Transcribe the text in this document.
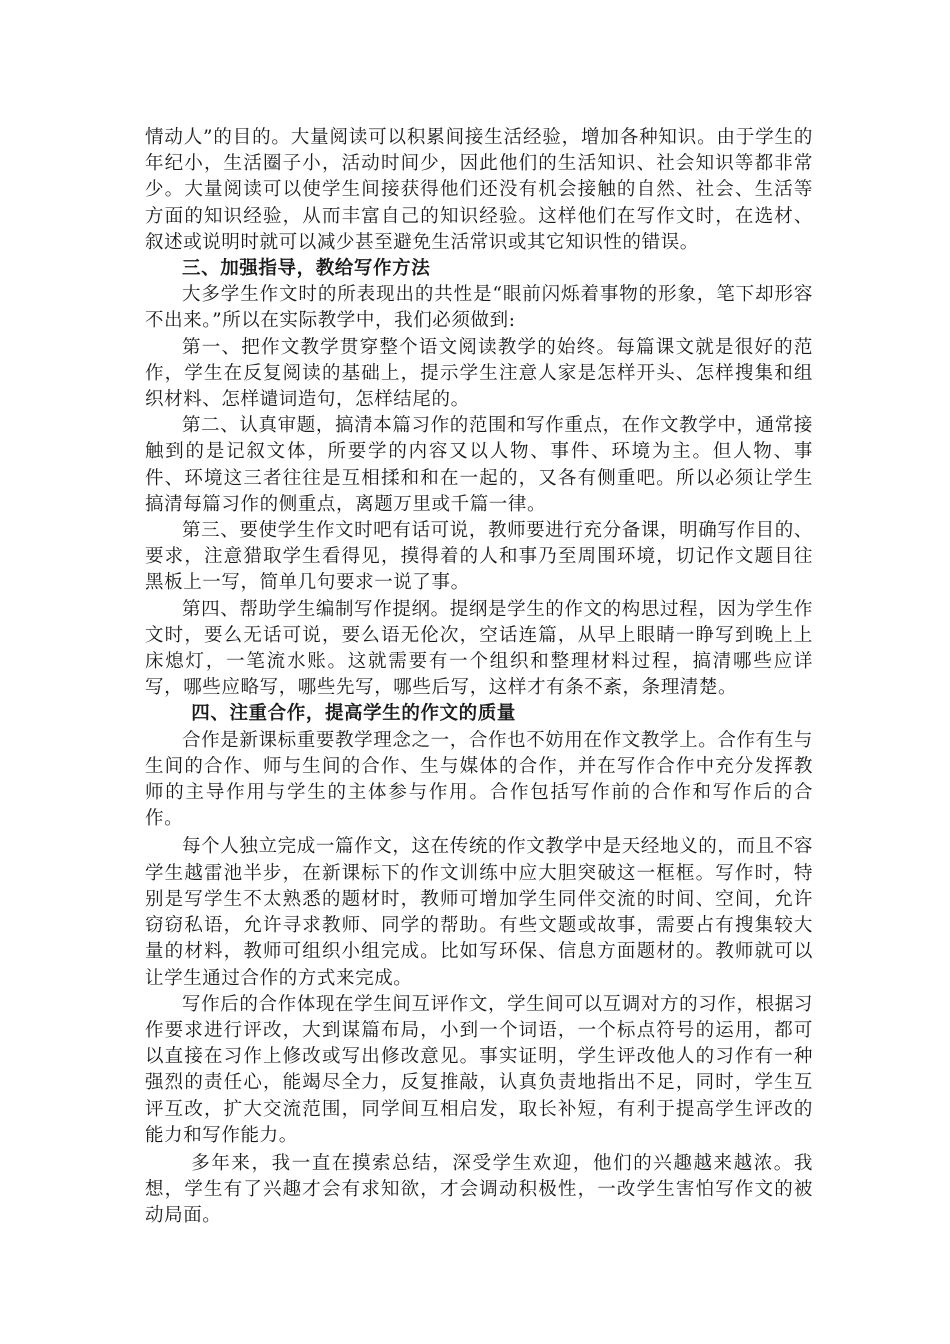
情动人”的目的。大量阅读可以积累间接生活经验，增加各种知识。由于学生的年纪小，生活圈子小，活动时间少，因此他们的生活知识、社会知识等都非常少。大量阅读可以使学生间接获得他们还没有机会接触的自然、社会、生活等方面的知识经验，从而丰富自己的知识经验。这样他们在写作文时，在选材、叙述或说明时就可以减少甚至避免生活常识或其它知识性的错误。

三、加强指导，教给写作方法

大多学生作文时的所表现出的共性是“眼前闪烁着事物的形象，笔下却形容不出来。”所以在实际教学中，我们必须做到:

第一、把作文教学贯穿整个语文阅读教学的始终。每篇课文就是很好的范作，学生在反复阅读的基础上，提示学生注意人家是怎样开头、怎样搜集和组织材料、怎样谴词造句，怎样结尾的。

第二、认真审题，搞清本篇习作的范围和写作重点，在作文教学中，通常接触到的是记叙文体，所要学的内容又以人物、事件、环境为主。但人物、事件、环境这三者往往是互相揉和和在一起的，又各有侧重吧。所以必须让学生搞清每篇习作的侧重点，离题万里或千篇一律。

第三、要使学生作文时吧有话可说，教师要进行充分备课，明确写作目的、要求，注意猎取学生看得见，摸得着的人和事乃至周围环境，切记作文题目往黑板上一写，简单几句要求一说了事。

第四、帮助学生编制写作提纲。提纲是学生的作文的构思过程，因为学生作文时，要么无话可说，要么语无伦次，空话连篇，从早上眼睛一睁写到晚上上床熄灯，一笔流水账。这就需要有一个组织和整理材料过程，搞清哪些应详写，哪些应略写，哪些先写，哪些后写，这样才有条不紊，条理清楚。

四、注重合作，提高学生的作文的质量

合作是新课标重要教学理念之一，合作也不妨用在作文教学上。合作有生与生间的合作、师与生间的合作、生与媒体的合作，并在写作合作中充分发挥教师的主导作用与学生的主体参与作用。合作包括写作前的合作和写作后的合作。

每个人独立完成一篇作文，这在传统的作文教学中是天经地义的，而且不容学生越雷池半步，在新课标下的作文训练中应大胆突破这一框框。写作时，特别是写学生不太熟悉的题材时，教师可增加学生同伴交流的时间、空间，允许窃窃私语，允许寻求教师、同学的帮助。有些文题或故事，需要占有搜集较大量的材料，教师可组织小组完成。比如写环保、信息方面题材的。教师就可以让学生通过合作的方式来完成。

写作后的合作体现在学生间互评作文，学生间可以互调对方的习作，根据习作要求进行评改，大到谋篇布局，小到一个词语，一个标点符号的运用，都可以直接在习作上修改或写出修改意见。事实证明，学生评改他人的习作有一种强烈的责任心，能竭尽全力，反复推敲，认真负责地指出不足，同时，学生互评互改，扩大交流范围，同学间互相启发，取长补短，有利于提高学生评改的能力和写作能力。

多年来，我一直在摸索总结，深受学生欢迎，他们的兴趣越来越浓。我想，学生有了兴趣才会有求知欲，才会调动积极性，一改学生害怕写作文的被动局面。
